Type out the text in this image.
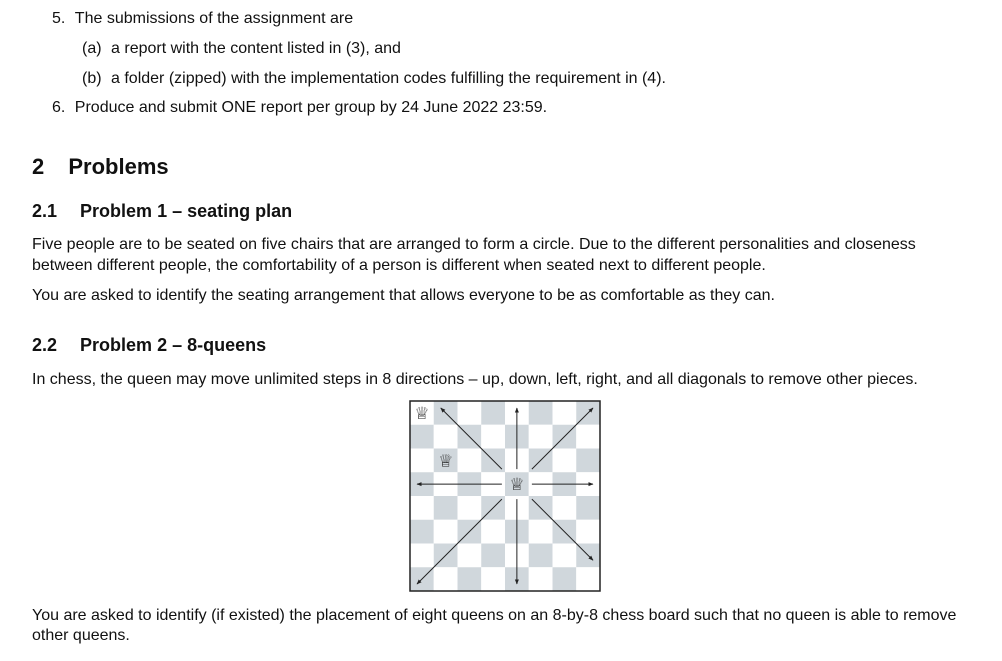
5. The submissions of the assignment are
(a) a report with the content listed in (3), and
(b) a folder (zipped) with the implementation codes fulfilling the requirement in (4).
6. Produce and submit ONE report per group by 24 June 2022 23:59.
2 Problems
2.1 Problem 1 – seating plan
Five people are to be seated on five chairs that are arranged to form a circle. Due to the different personalities and closeness
between different people, the comfortability of a person is different when seated next to different people.
You are asked to identify the seating arrangement that allows everyone to be as comfortable as they can.
2.2 Problem 2 – 8-queens
In chess, the queen may move unlimited steps in 8 directions – up, down, left, right, and all diagonals to remove other pieces.
♕
♕
♕
You are asked to identify (if existed) the placement of eight queens on an 8-by-8 chess board such that no queen is able to remove
other queens.
